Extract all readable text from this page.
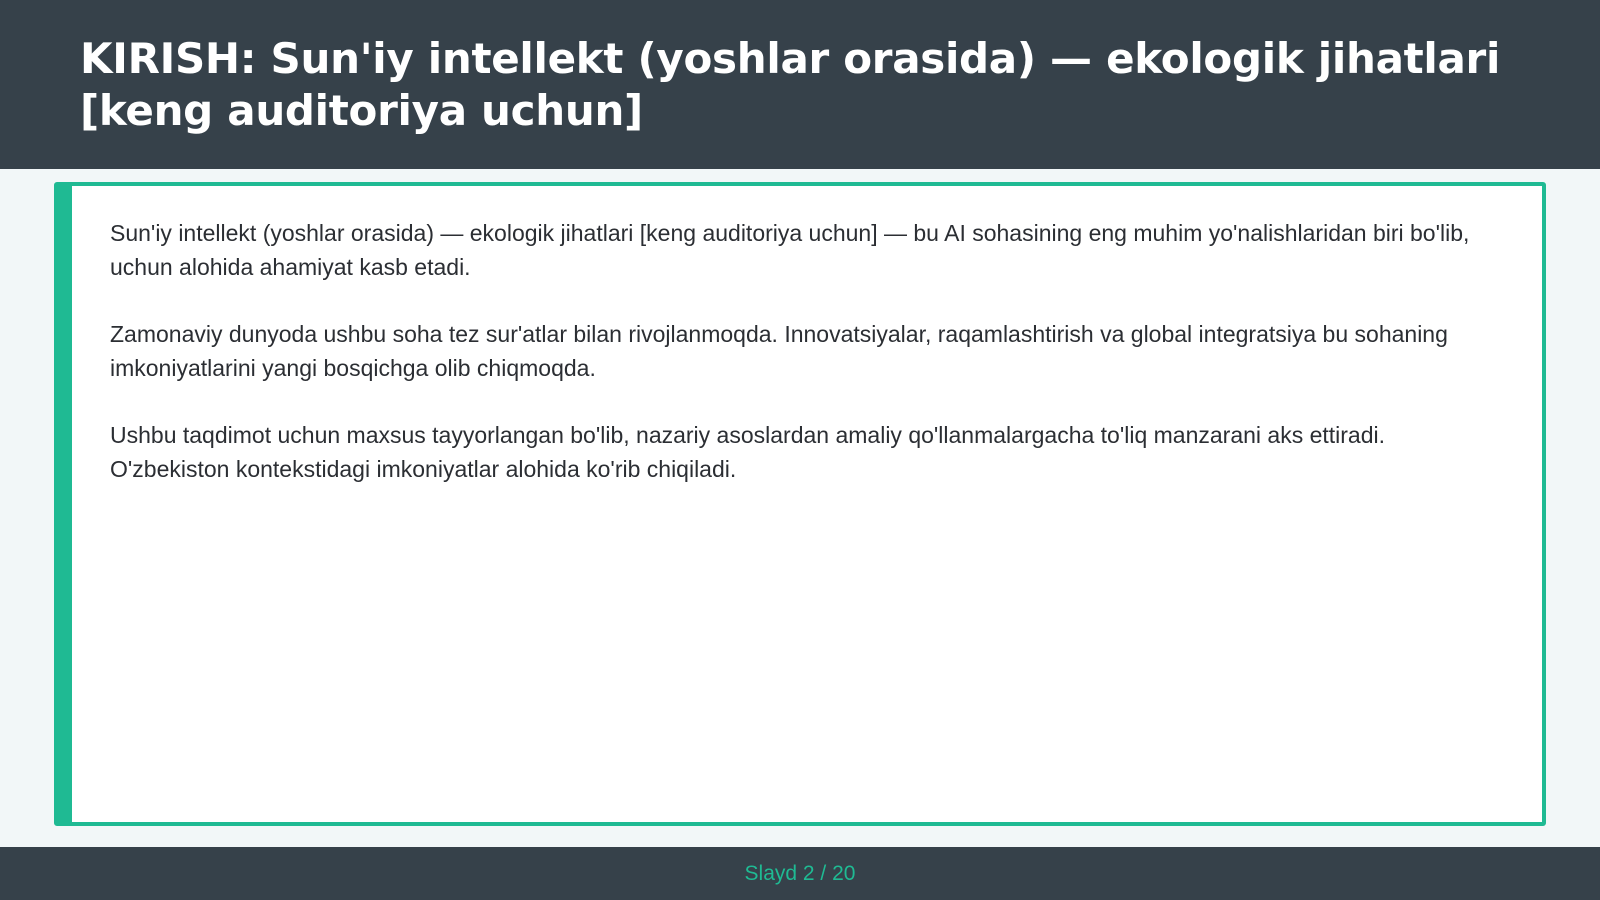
KIRISH: Sun'iy intellekt (yoshlar orasida) — ekologik jihatlari
[keng auditoriya uchun]

Sun'iy intellekt (yoshlar orasida) — ekologik jihatlari [keng auditoriya uchun] — bu AI sohasining eng muhim yo'nalishlaridan biri bo'lib, uchun alohida ahamiyat kasb etadi.

Zamonaviy dunyoda ushbu soha tez sur'atlar bilan rivojlanmoqda. Innovatsiyalar, raqamlashtirish va global integratsiya bu sohaning imkoniyatlarini yangi bosqichga olib chiqmoqda.

Ushbu taqdimot uchun maxsus tayyorlangan bo'lib, nazariy asoslardan amaliy qo'llanmalargacha to'liq manzarani aks ettiradi. O'zbekiston kontekstidagi imkoniyatlar alohida ko'rib chiqiladi.

Slayd 2 / 20
